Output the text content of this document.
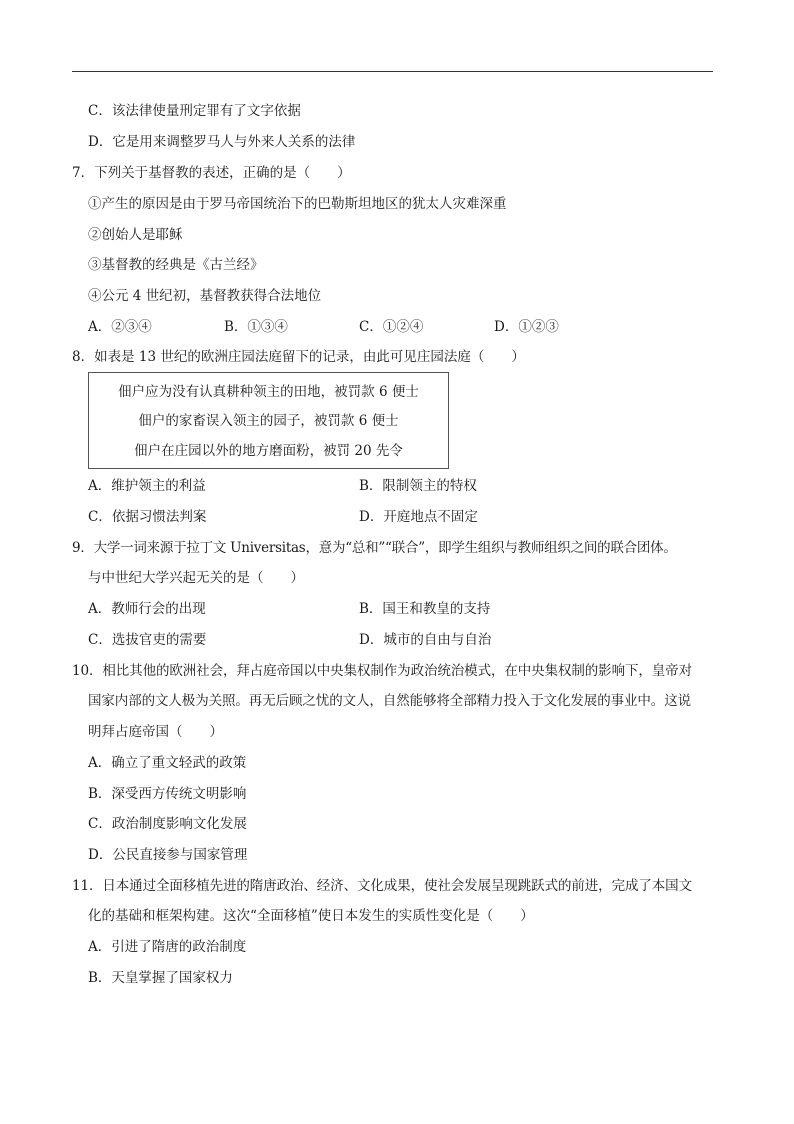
C．该法律使量刑定罪有了文字依据
D．它是用来调整罗马人与外来人关系的法律
7．下列关于基督教的表述，正确的是（　　）
①产生的原因是由于罗马帝国统治下的巴勒斯坦地区的犹太人灾难深重
②创始人是耶稣
③基督教的经典是《古兰经》
④公元 4 世纪初，基督教获得合法地位
A．②③④	B．①③④	C．①②④	D．①②③
8．如表是 13 世纪的欧洲庄园法庭留下的记录，由此可见庄园法庭（　　）
佃户应为没有认真耕种领主的田地，被罚款 6 便士
佃户的家畜误入领主的园子，被罚款 6 便士
佃户在庄园以外的地方磨面粉，被罚 20 先令
A．维护领主的利益	B．限制领主的特权
C．依据习惯法判案	D．开庭地点不固定
9．大学一词来源于拉丁文 Universitas，意为“总和”“联合”，即学生组织与教师组织之间的联合团体。
与中世纪大学兴起无关的是（　　）
A．教师行会的出现	B．国王和教皇的支持
C．选拔官吏的需要	D．城市的自由与自治
10．相比其他的欧洲社会，拜占庭帝国以中央集权制作为政治统治模式，在中央集权制的影响下，皇帝对
国家内部的文人极为关照。再无后顾之忧的文人，自然能够将全部精力投入于文化发展的事业中。这说
明拜占庭帝国（　　）
A．确立了重文轻武的政策
B．深受西方传统文明影响
C．政治制度影响文化发展
D．公民直接参与国家管理
11．日本通过全面移植先进的隋唐政治、经济、文化成果，使社会发展呈现跳跃式的前进，完成了本国文
化的基础和框架构建。这次“全面移植”使日本发生的实质性变化是（　　）
A．引进了隋唐的政治制度
B．天皇掌握了国家权力
